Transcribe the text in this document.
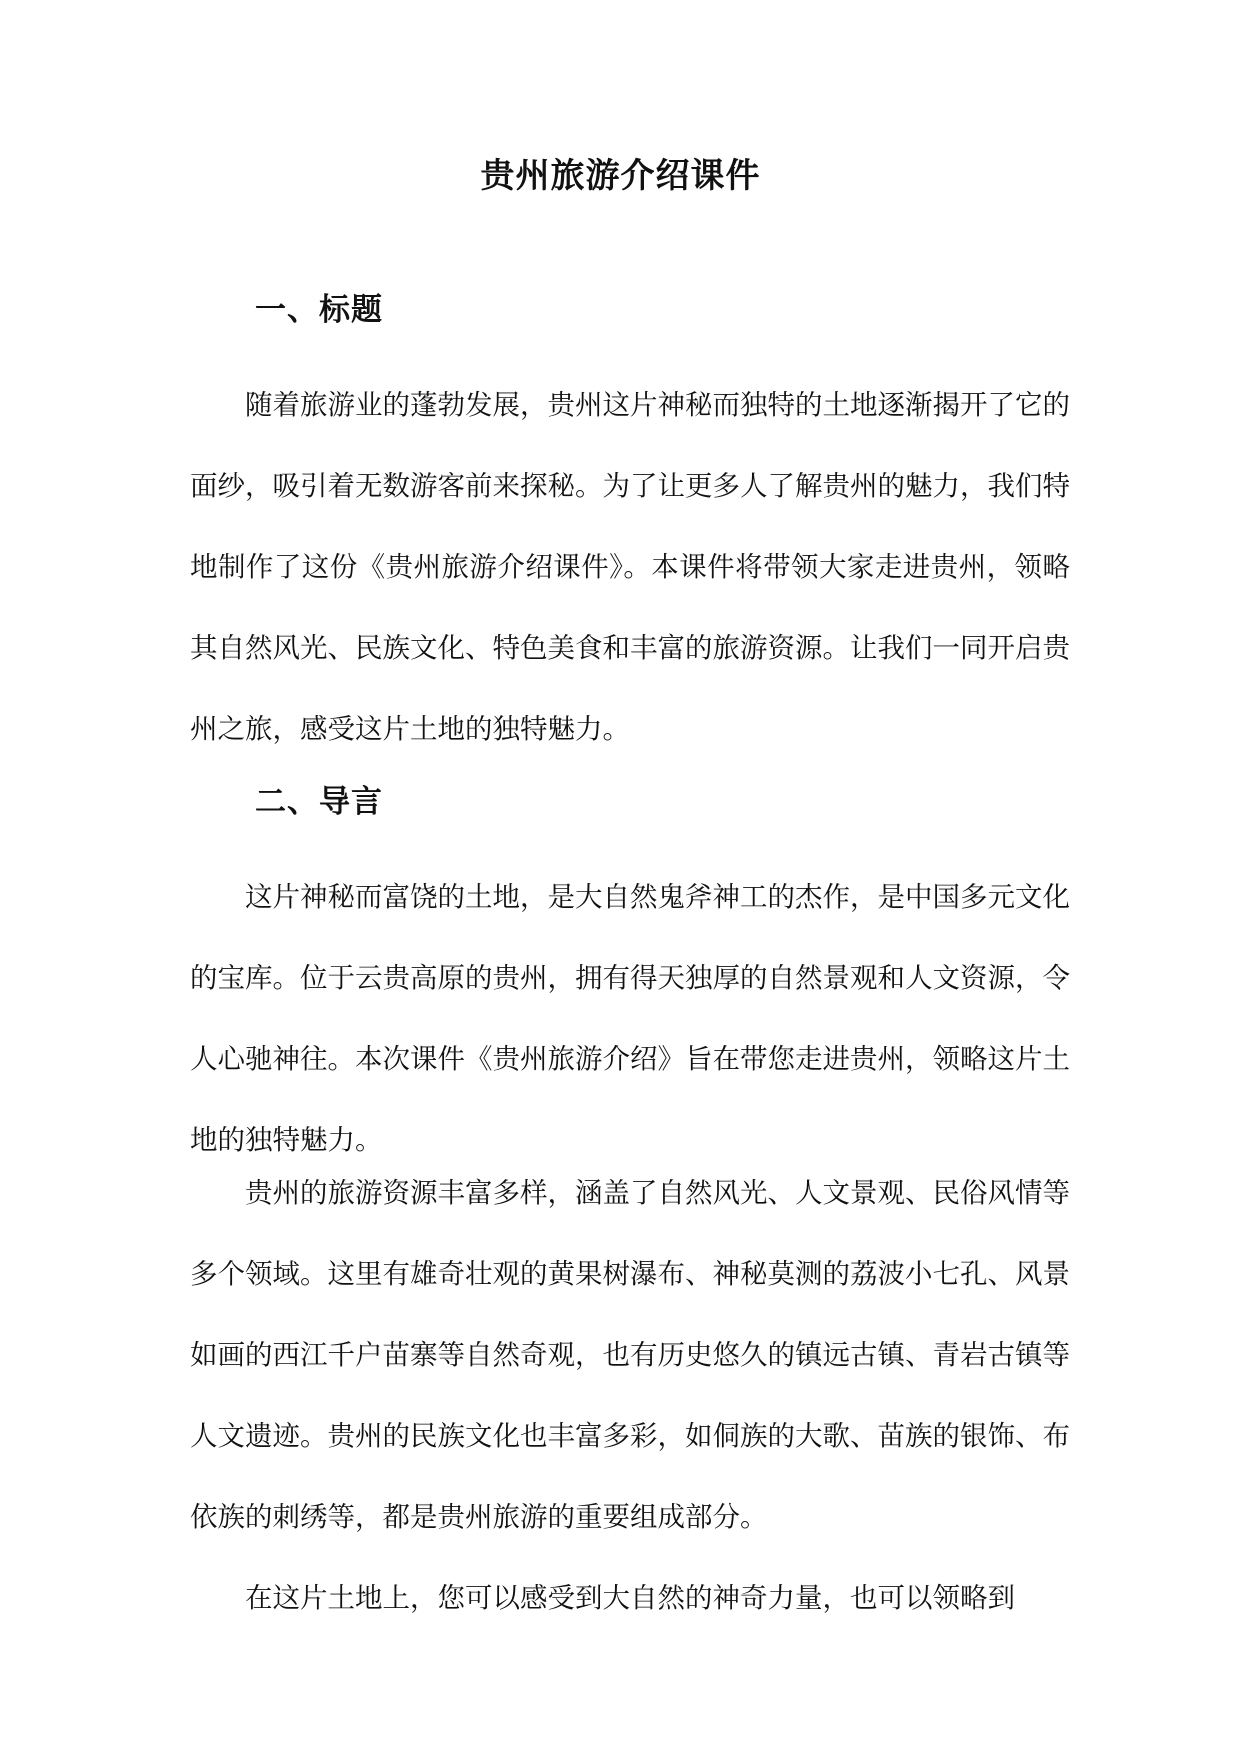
贵州旅游介绍课件
一、标题

随着旅游业的蓬勃发展，贵州这片神秘而独特的土地逐渐揭开了它的面纱，吸引着无数游客前来探秘。为了让更多人了解贵州的魅力，我们特地制作了这份《贵州旅游介绍课件》。本课件将带领大家走进贵州，领略其自然风光、民族文化、特色美食和丰富的旅游资源。让我们一同开启贵州之旅，感受这片土地的独特魅力。

二、导言

这片神秘而富饶的土地，是大自然鬼斧神工的杰作，是中国多元文化的宝库。位于云贵高原的贵州，拥有得天独厚的自然景观和人文资源，令人心驰神往。本次课件《贵州旅游介绍》旨在带您走进贵州，领略这片土地的独特魅力。

贵州的旅游资源丰富多样，涵盖了自然风光、人文景观、民俗风情等多个领域。这里有雄奇壮观的黄果树瀑布、神秘莫测的荔波小七孔、风景如画的西江千户苗寨等自然奇观，也有历史悠久的镇远古镇、青岩古镇等人文遗迹。贵州的民族文化也丰富多彩，如侗族的大歌、苗族的银饰、布依族的刺绣等，都是贵州旅游的重要组成部分。

在这片土地上，您可以感受到大自然的神奇力量，也可以领略到
